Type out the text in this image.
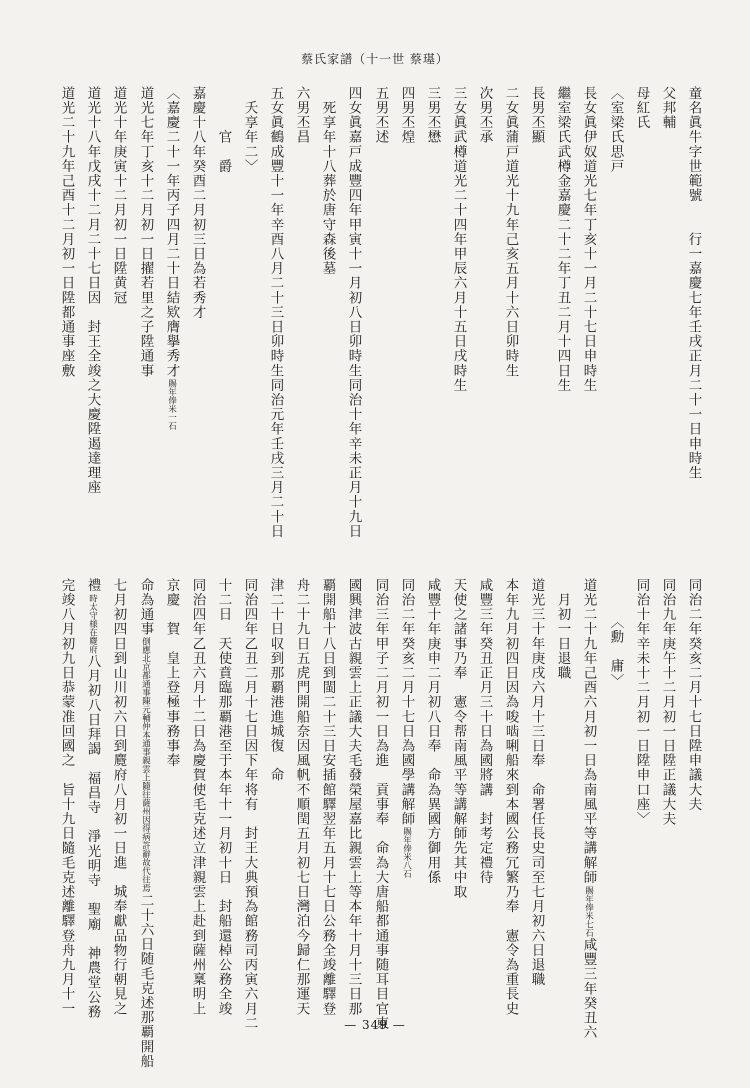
蔡氏家譜（十一世 蔡璂）
童名眞牛字世範號　　行一嘉慶七年壬戌正月二十一日申時生
父邦輔
母紅氏
〈室梁氏思戸
長女眞伊奴道光七年丁亥十一月二十七日申時生
繼室梁氏武樽金嘉慶二十二年丁丑二月十四日生
長男丕顯
二女眞蒲戸道光十九年己亥五月十六日卯時生
次男丕承
三女眞武樽道光二十四年甲辰六月十五日戌時生
三男丕懋
四男丕煌
五男丕述
四女眞嘉戸成豐四年甲寅十一月初八日卯時生同治十年辛未正月十九日
　死享年十八葬於唐守森後墓
六男丕昌
五女眞鶴成豐十一年辛酉八月二十三日卯時生同治元年壬戌三月二十日
　夭享年二〉
　　　官　爵
嘉慶十八年癸酉二月初三日為若秀才
〈嘉慶二十一年丙子四月二十日結欵膺擧秀才賜年俸米一石
道光七年丁亥十二月初一日擢若里之子陞通事
道光十年庚寅十二月初一日陞黄冠
道光十八年戊戌十二月二十七日因　封王全竣之大慶陞遏達理座
道光二十九年己酉十二月初一日陞都通事座敷
同治二年癸亥二月十七日陞申議大夫
同治九年庚午十二月初一日陞正議大夫
同治十年辛未十二月初一日陞申口座〉
　　　〈勳　庸〉
道光二十九年己酉六月初一日為南風平等講解師賜年俸米七石咸豐三年癸丑六
　月初一日退職
道光三十年庚戌六月十三日奉　命署任長史司至七月初六日退職
本年九月初四日因為唆啮唎船來到本國公務冗繁乃奉　憲令為重長史
咸豐三年癸丑正月三十日為國將講　封考定禮待
天使之諸事乃奉　憲令帮南風平等講解師先其中取
咸豐十年庚申二月初八日奉　命為異國方御用係
同治二年癸亥二月十七日為國學講解師賜年俸米八石
同治三年甲子二月初一日為進　貢事奉　命為大唐船都通事随耳目官東
國興津波古親雲上正議大夫毛發榮屋嘉比親雲上等本年十月十三日那
覇開船十八日到閩二十三日安插館驛翌年五月十七日公務全竣離驛登
舟二十九日五虎門開船奈因風帆不順閏五月初七日灣泊今歸仁那運天
津二十日収到那覇港進城復　命
同治四年乙丑二月十七日因下年将有　封王大典預為館務司丙寅六月二
十二日　天使賁臨那覇港至于本年十一月初十日　封船還棹公務全竣
同治四年乙丑六月十二日為慶賀使毛克述立津親雲上赴到薩州稟明上
京慶　賀　皇上登極事務事奉
命為通事倒應北京都通事陳元輔仲本通事親雲上隨往薩州因得病許辭故代往焉二十六日随毛克述那覇開船
七月初四日到山川初六日到麑府八月初一日進　城奉獻品物行朝見之
禮時太守様在麑府八月初八日拜謁　福昌寺　淨光明寺　聖廟　神農堂公務
完竣八月初九日恭蒙准回國之　旨十九日隨毛克述離驛登舟九月十一
— 349 —
